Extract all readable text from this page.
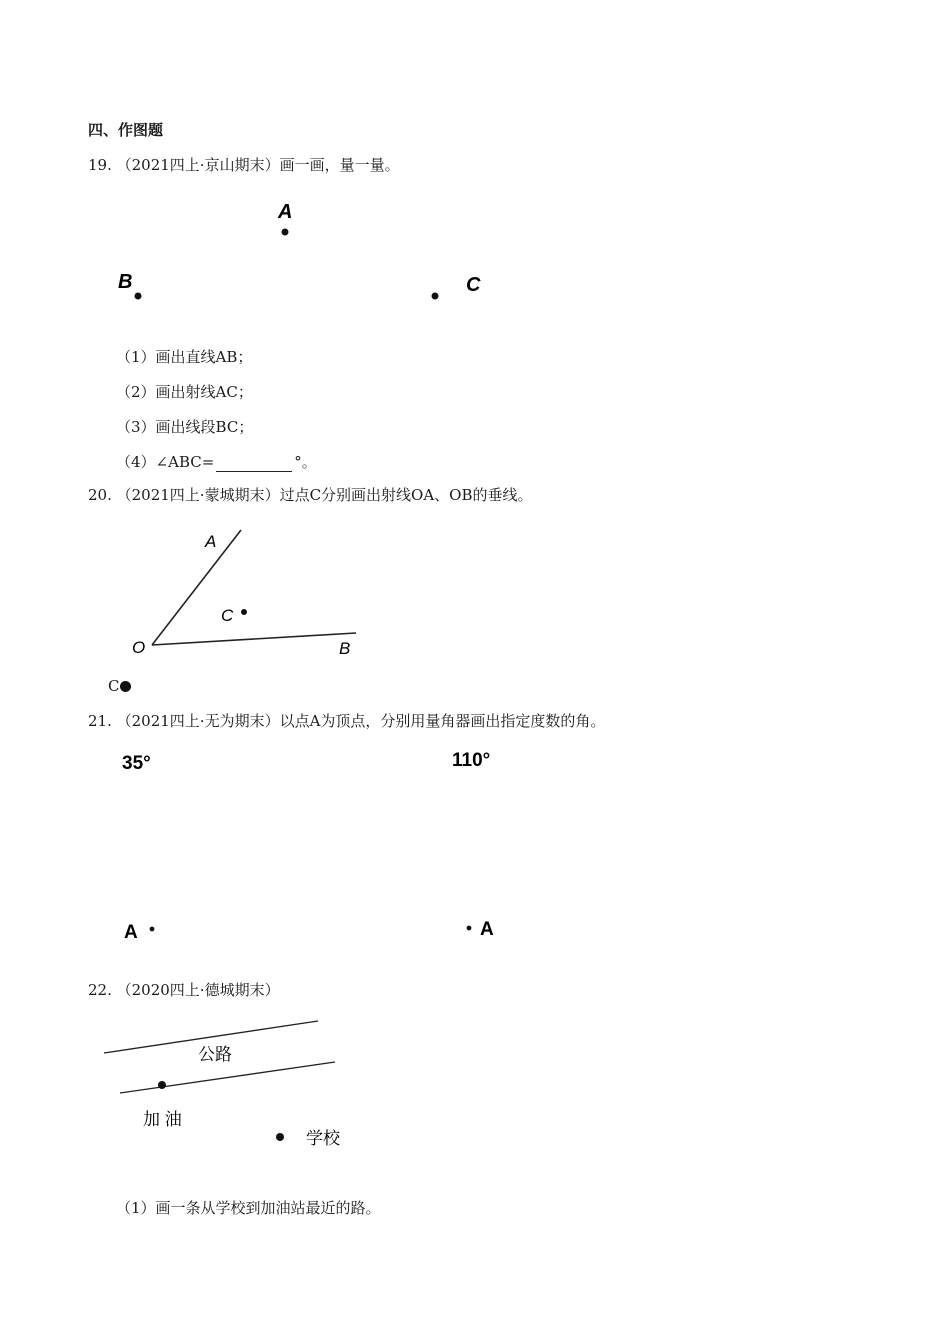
四、作图题
19. （2021四上·京山期末）画一画，量一量。
A
B	C
（1）画出直线AB；
（2）画出射线AC；
（3）画出线段BC；
（4）∠ABC=	°。
20. （2021四上·蒙城期末）过点C分别画出射线OA、OB的垂线。
A
C
O	B
C
21. （2021四上·无为期末）以点A为顶点，分别用量角器画出指定度数的角。
35°	110°
A	A
22. （2020四上·德城期末）
公路
加 油
学校
（1）画一条从学校到加油站最近的路。
